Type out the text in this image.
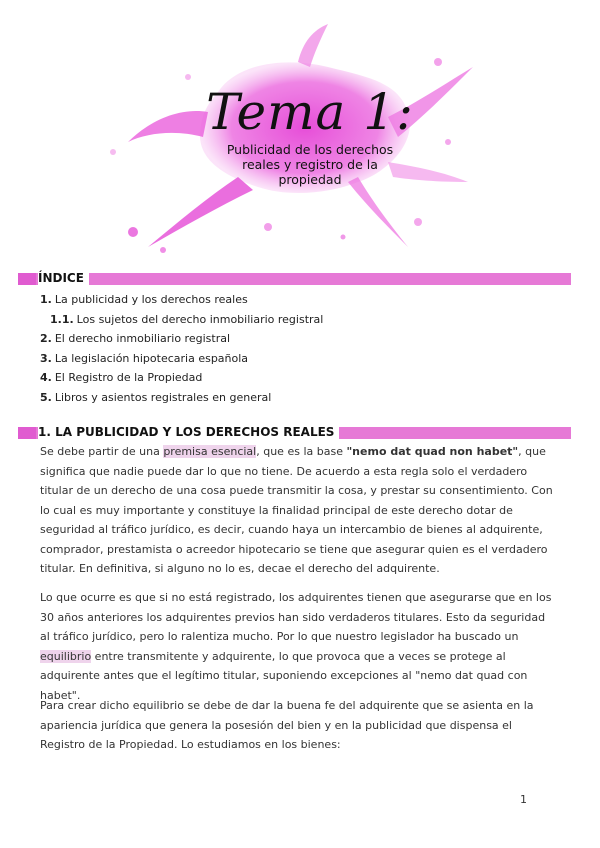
Tema 1:
Publicidad de los derechos reales y registro de la propiedad
ÍNDICE
1. La publicidad y los derechos reales
1.1. Los sujetos del derecho inmobiliario registral
2. El derecho inmobiliario registral
3. La legislación hipotecaria española
4. El Registro de la Propiedad
5. Libros y asientos registrales en general
1. LA PUBLICIDAD Y LOS DERECHOS REALES
Se debe partir de una premisa esencial, que es la base "nemo dat quad non habet", que significa que nadie puede dar lo que no tiene. De acuerdo a esta regla solo el verdadero titular de un derecho de una cosa puede transmitir la cosa, y prestar su consentimiento. Con lo cual es muy importante y constituye la finalidad principal de este derecho dotar de seguridad al tráfico jurídico, es decir, cuando haya un intercambio de bienes al adquirente, comprador, prestamista o acreedor hipotecario se tiene que asegurar quien es el verdadero titular. En definitiva, si alguno no lo es, decae el derecho del adquirente.
Lo que ocurre es que si no está registrado, los adquirentes tienen que asegurarse que en los 30 años anteriores los adquirentes previos han sido verdaderos titulares. Esto da seguridad al tráfico jurídico, pero lo ralentiza mucho. Por lo que nuestro legislador ha buscado un equilibrio entre transmitente y adquirente, lo que provoca que a veces se protege al adquirente antes que el legítimo titular, suponiendo excepciones al "nemo dat quad con habet".
Para crear dicho equilibrio se debe de dar la buena fe del adquirente que se asienta en la apariencia jurídica que genera la posesión del bien y en la publicidad que dispensa el Registro de la Propiedad. Lo estudiamos en los bienes:
1
